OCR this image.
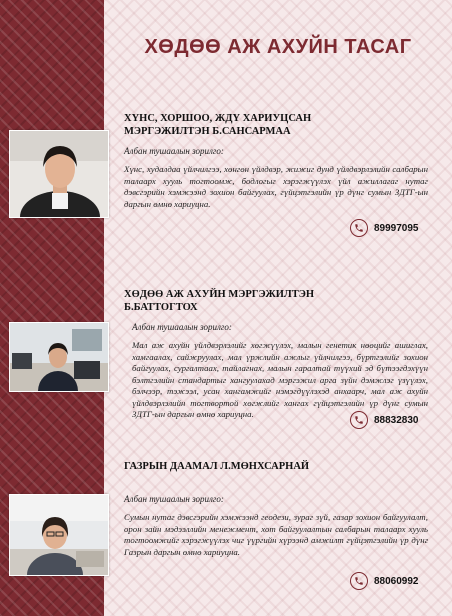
ХӨДӨӨ АЖ АХУЙН ТАСАГ
ХҮНС, ХОРШОО, ЖДҮ ХАРИУЦСАН
МЭРГЭЖИЛТЭН Б.САНСАРМАА
Албан тушаалын зорилго:
Хүнс, худалдаа үйлчилгээ, хөнгөн үйлдвэр, жижиг дунд үйлдвэрлэлийн салбарын талаарх хууль тогтоомж, бодлогыг хэрэгжүүлэх үйл ажиллагаг нутаг дэвсгэрийн хэмжээнд зохион байгуулах, гүйцэтгэлийн үр дүнг сумын ЗДТГ-ын даргын өмнө хариуцна.
89997095
ХӨДӨӨ АЖ АХУЙН МЭРГЭЖИЛТЭН
Б.БАТТОГТОХ
Албан тушаалын зорилго:
Мал аж ахуйн үйлдвэрлэлийг хөгжүүлэх, малын генетик нөөцийг ашиглах, хамгаалах, сайжруулах, мал үржлийн ажлыг үйлчилгээ, бүртгэлийг зохион байгуулах, сургалтаах, тайлагнах, малын гаралтай түүхий эд бүтээгдэхүүн бэлтгэлийн стандартыг хангуулахад мэргэжил арга зүйн дэмжлэг үзүүлэх, бэлчээр, тэжээл, усан хангамжийг нэмэгдүүлэхэд анхаарч, мал аж ахуйн үйлдвэрлэлийн тогтвортой хөгжлийг хангах гүйцэтгэлийн үр дүнг сумын ЗДТГ-ын даргын өмнө хариуцна.
88832830
ГАЗРЫН ДААМАЛ Л.МӨНХСАРНАЙ
Албан тушаалын зорилго:
Сумын нутаг дэвсгэрийн хэмжээнд геодези, зураг зүй, газар зохион байгуулалт, орон зайн мэдээллийн менежмент, хот байгуулалтын салбарын талаарх хууль тогтоомжийг хэрэгжүүлэх чиг үүргийн хүрээнд амжилт гүйцэтгэлийн үр дүнг Газрын даргын өмнө хариуцна.
88060992
